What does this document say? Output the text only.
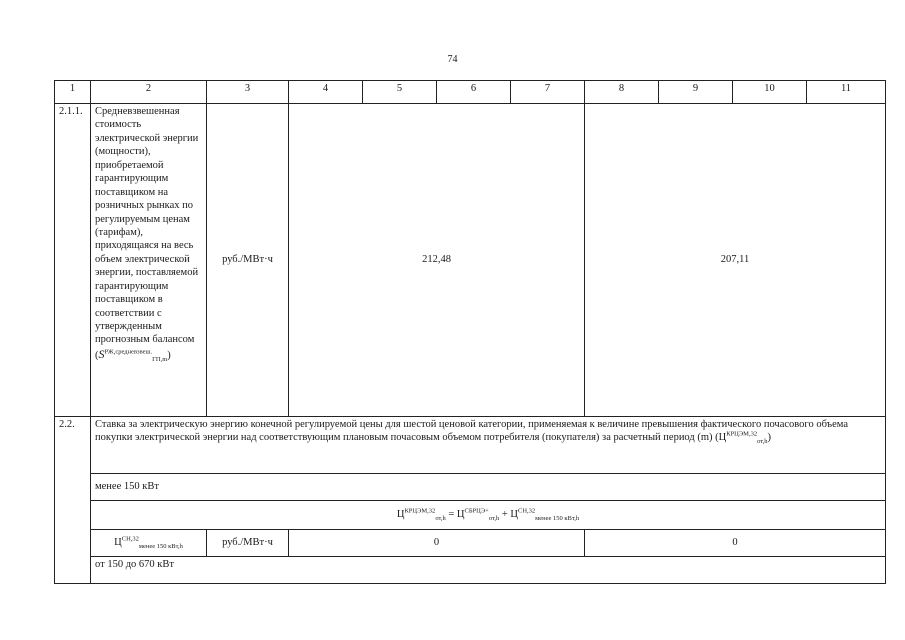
74
1	2	3	4	5	6	7	8	9	10	11
2.1.1.	Средневзвешенная стоимость электрической энергии (мощности), приобретаемой гарантирующим поставщиком на розничных рынках по регулируемым ценам (тарифам), приходящаяся на весь объем электрической энергии, поставляемой гарантирующим поставщиком в соответствии с утвержденным прогнозным балансом $(S^{РЖ,средневзвеш.}_{ГП,m})$	руб./МВт·ч	212,48				207,11			
2.2.	Ставка за электрическую энергию конечной регулируемой цены для шестой ценовой категории, применяемая к величине превышения фактического почасового объема покупки электрической энергии над соответствующим плановым почасовым объемом потребителя (покупателя) за расчетный период (m) $(Ц^{КРЦЭМ,32}_{от,h})$									
	менее 150 кВт									
	$Ц^{КРЦЭМ,32}_{от,h} = Ц^{СБРЦЭ+}_{от,h} + Ц^{СН,32}_{менее 150 кВт,h}$
	$Ц^{СН,32}_{менее 150 кВт,h}$	руб./МВт·ч	0				0			
	от 150 до 670 кВт									
